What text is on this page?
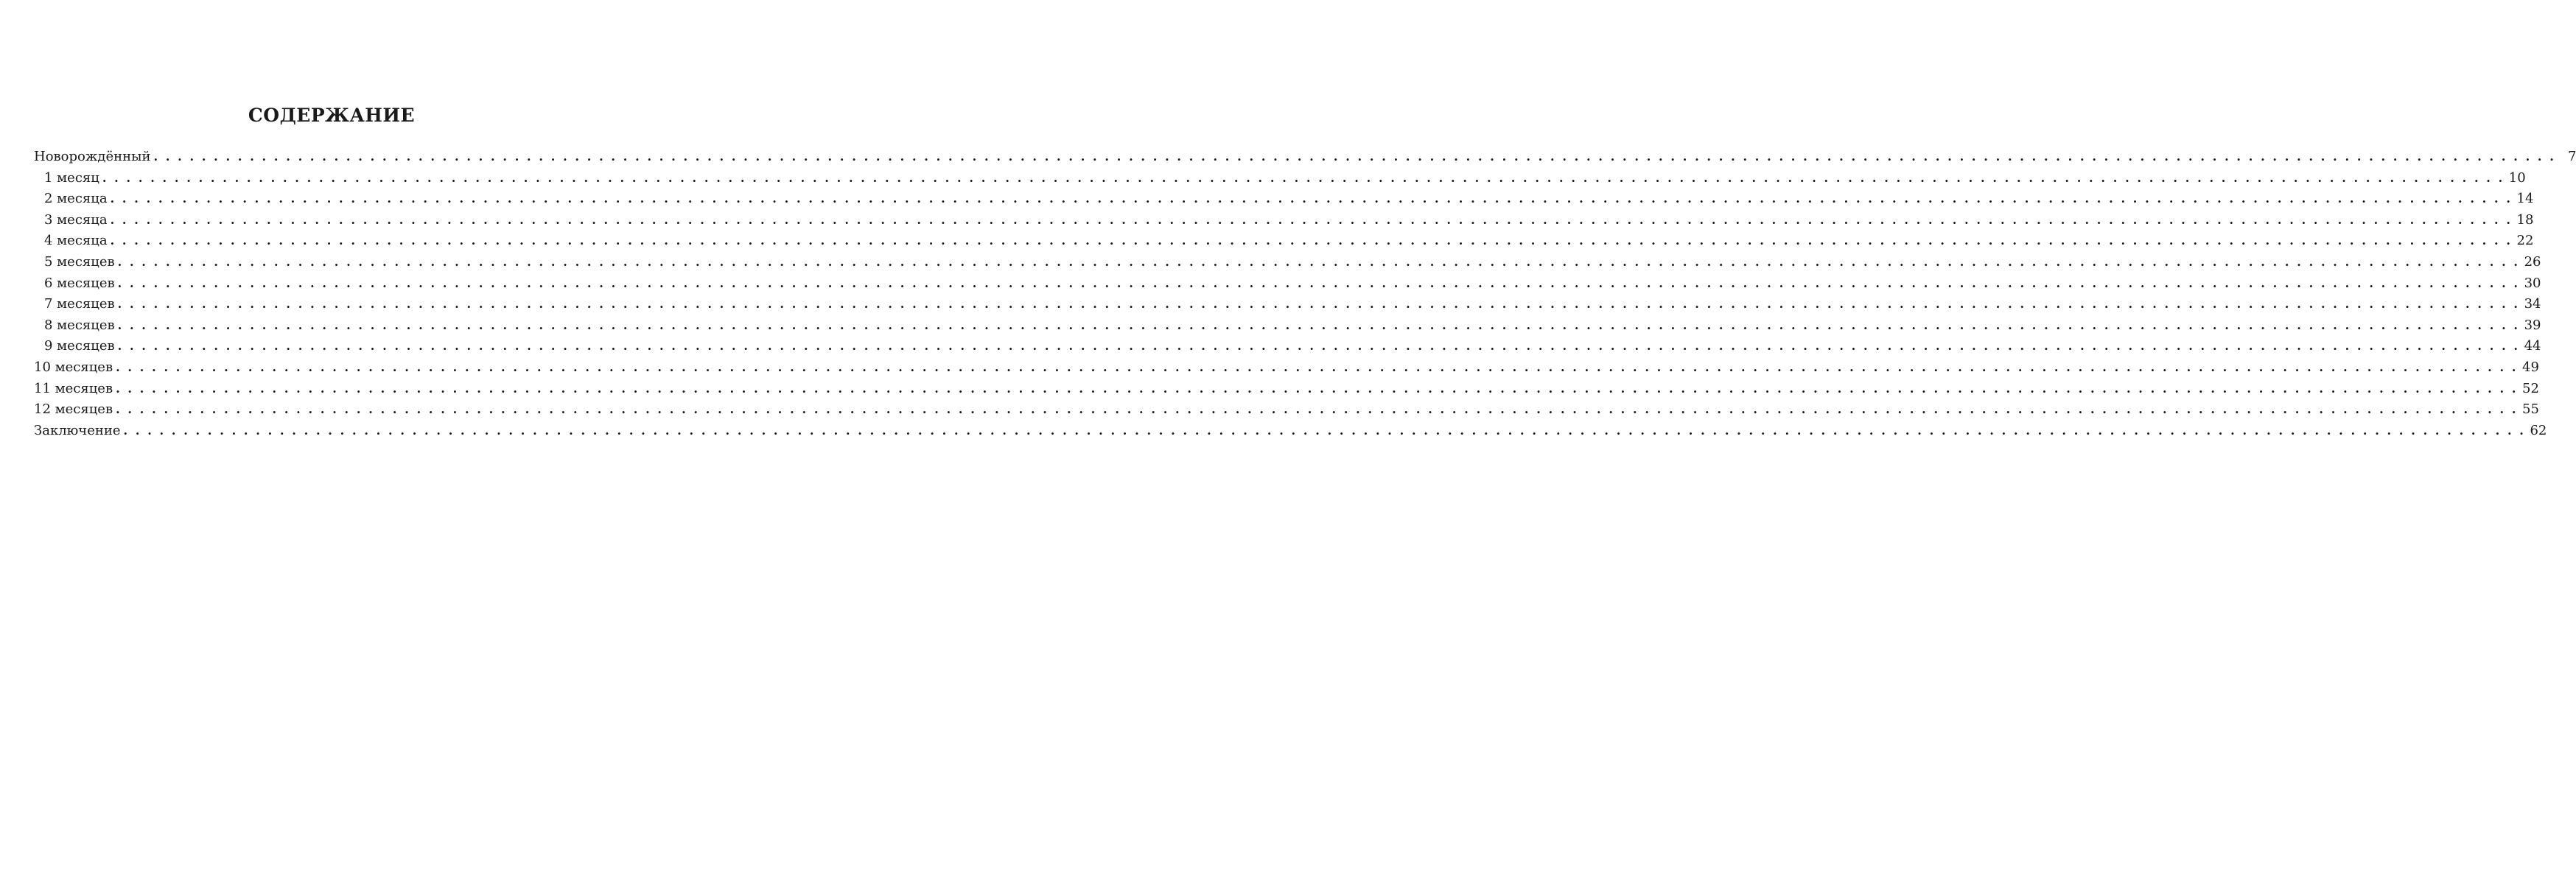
СОДЕРЖАНИЕ
Новорождённый . . . . . . . . . . . . . . . . . . . . . . . . . . . . . . . . . . . . . . . . . . . . . . . . . . . . . . . . . . . . . . . . . . . . . . . . . . . . . . . . . . . . . . . . . . . . . . . . . . . . . . . . . . . . . . . . . . . . . . . . . . . . . . . . . . . . . . . . . . . . . . . . . . . . . . . . . . . . . . . . . . . . . . . . . . . . . . . . . . . . . . . . . . . . . . . . . . . . . . . . 7
1 месяц . . . . . . . . . . . . . . . . . . . . . . . . . . . . . . . . . . . . . . . . . . . . . . . . . . . . . . . . . . . . . . . . . . . . . . . . . . . . . . . . . . . . . . . . . . . . . . . . . . . . . . . . . . . . . . . . . . . . . . . . . . . . . . . . . . . . . . . . . . . . . . . . . . . . . . . . . . . . . . . . . . . . . . . . . . . . . . . . . . . . . . . . . . . . . . . . . . . . . . . . 10
2 месяца . . . . . . . . . . . . . . . . . . . . . . . . . . . . . . . . . . . . . . . . . . . . . . . . . . . . . . . . . . . . . . . . . . . . . . . . . . . . . . . . . . . . . . . . . . . . . . . . . . . . . . . . . . . . . . . . . . . . . . . . . . . . . . . . . . . . . . . . . . . . . . . . . . . . . . . . . . . . . . . . . . . . . . . . . . . . . . . . . . . . . . . . . . . . . . . . . . . . . . . . 14
3 месяца . . . . . . . . . . . . . . . . . . . . . . . . . . . . . . . . . . . . . . . . . . . . . . . . . . . . . . . . . . . . . . . . . . . . . . . . . . . . . . . . . . . . . . . . . . . . . . . . . . . . . . . . . . . . . . . . . . . . . . . . . . . . . . . . . . . . . . . . . . . . . . . . . . . . . . . . . . . . . . . . . . . . . . . . . . . . . . . . . . . . . . . . . . . . . . . . . . . . . . . . 18
4 месяца . . . . . . . . . . . . . . . . . . . . . . . . . . . . . . . . . . . . . . . . . . . . . . . . . . . . . . . . . . . . . . . . . . . . . . . . . . . . . . . . . . . . . . . . . . . . . . . . . . . . . . . . . . . . . . . . . . . . . . . . . . . . . . . . . . . . . . . . . . . . . . . . . . . . . . . . . . . . . . . . . . . . . . . . . . . . . . . . . . . . . . . . . . . . . . . . . . . . . . . . 22
5 месяцев . . . . . . . . . . . . . . . . . . . . . . . . . . . . . . . . . . . . . . . . . . . . . . . . . . . . . . . . . . . . . . . . . . . . . . . . . . . . . . . . . . . . . . . . . . . . . . . . . . . . . . . . . . . . . . . . . . . . . . . . . . . . . . . . . . . . . . . . . . . . . . . . . . . . . . . . . . . . . . . . . . . . . . . . . . . . . . . . . . . . . . . . . . . . . . . . . . . . . . . . 26
6 месяцев . . . . . . . . . . . . . . . . . . . . . . . . . . . . . . . . . . . . . . . . . . . . . . . . . . . . . . . . . . . . . . . . . . . . . . . . . . . . . . . . . . . . . . . . . . . . . . . . . . . . . . . . . . . . . . . . . . . . . . . . . . . . . . . . . . . . . . . . . . . . . . . . . . . . . . . . . . . . . . . . . . . . . . . . . . . . . . . . . . . . . . . . . . . . . . . . . . . . . . . . 30
7 месяцев . . . . . . . . . . . . . . . . . . . . . . . . . . . . . . . . . . . . . . . . . . . . . . . . . . . . . . . . . . . . . . . . . . . . . . . . . . . . . . . . . . . . . . . . . . . . . . . . . . . . . . . . . . . . . . . . . . . . . . . . . . . . . . . . . . . . . . . . . . . . . . . . . . . . . . . . . . . . . . . . . . . . . . . . . . . . . . . . . . . . . . . . . . . . . . . . . . . . . . . . 34
8 месяцев . . . . . . . . . . . . . . . . . . . . . . . . . . . . . . . . . . . . . . . . . . . . . . . . . . . . . . . . . . . . . . . . . . . . . . . . . . . . . . . . . . . . . . . . . . . . . . . . . . . . . . . . . . . . . . . . . . . . . . . . . . . . . . . . . . . . . . . . . . . . . . . . . . . . . . . . . . . . . . . . . . . . . . . . . . . . . . . . . . . . . . . . . . . . . . . . . . . . . . . . 39
9 месяцев . . . . . . . . . . . . . . . . . . . . . . . . . . . . . . . . . . . . . . . . . . . . . . . . . . . . . . . . . . . . . . . . . . . . . . . . . . . . . . . . . . . . . . . . . . . . . . . . . . . . . . . . . . . . . . . . . . . . . . . . . . . . . . . . . . . . . . . . . . . . . . . . . . . . . . . . . . . . . . . . . . . . . . . . . . . . . . . . . . . . . . . . . . . . . . . . . . . . . . . . 44
10 месяцев . . . . . . . . . . . . . . . . . . . . . . . . . . . . . . . . . . . . . . . . . . . . . . . . . . . . . . . . . . . . . . . . . . . . . . . . . . . . . . . . . . . . . . . . . . . . . . . . . . . . . . . . . . . . . . . . . . . . . . . . . . . . . . . . . . . . . . . . . . . . . . . . . . . . . . . . . . . . . . . . . . . . . . . . . . . . . . . . . . . . . . . . . . . . . . . . . . . . . . . . 49
11 месяцев . . . . . . . . . . . . . . . . . . . . . . . . . . . . . . . . . . . . . . . . . . . . . . . . . . . . . . . . . . . . . . . . . . . . . . . . . . . . . . . . . . . . . . . . . . . . . . . . . . . . . . . . . . . . . . . . . . . . . . . . . . . . . . . . . . . . . . . . . . . . . . . . . . . . . . . . . . . . . . . . . . . . . . . . . . . . . . . . . . . . . . . . . . . . . . . . . . . . . . . . 52
12 месяцев . . . . . . . . . . . . . . . . . . . . . . . . . . . . . . . . . . . . . . . . . . . . . . . . . . . . . . . . . . . . . . . . . . . . . . . . . . . . . . . . . . . . . . . . . . . . . . . . . . . . . . . . . . . . . . . . . . . . . . . . . . . . . . . . . . . . . . . . . . . . . . . . . . . . . . . . . . . . . . . . . . . . . . . . . . . . . . . . . . . . . . . . . . . . . . . . . . . . . . . . 55
Заключение . . . . . . . . . . . . . . . . . . . . . . . . . . . . . . . . . . . . . . . . . . . . . . . . . . . . . . . . . . . . . . . . . . . . . . . . . . . . . . . . . . . . . . . . . . . . . . . . . . . . . . . . . . . . . . . . . . . . . . . . . . . . . . . . . . . . . . . . . . . . . . . . . . . . . . . . . . . . . . . . . . . . . . . . . . . . . . . . . . . . . . . . . . . . . . . . . . . . . . . . 62
